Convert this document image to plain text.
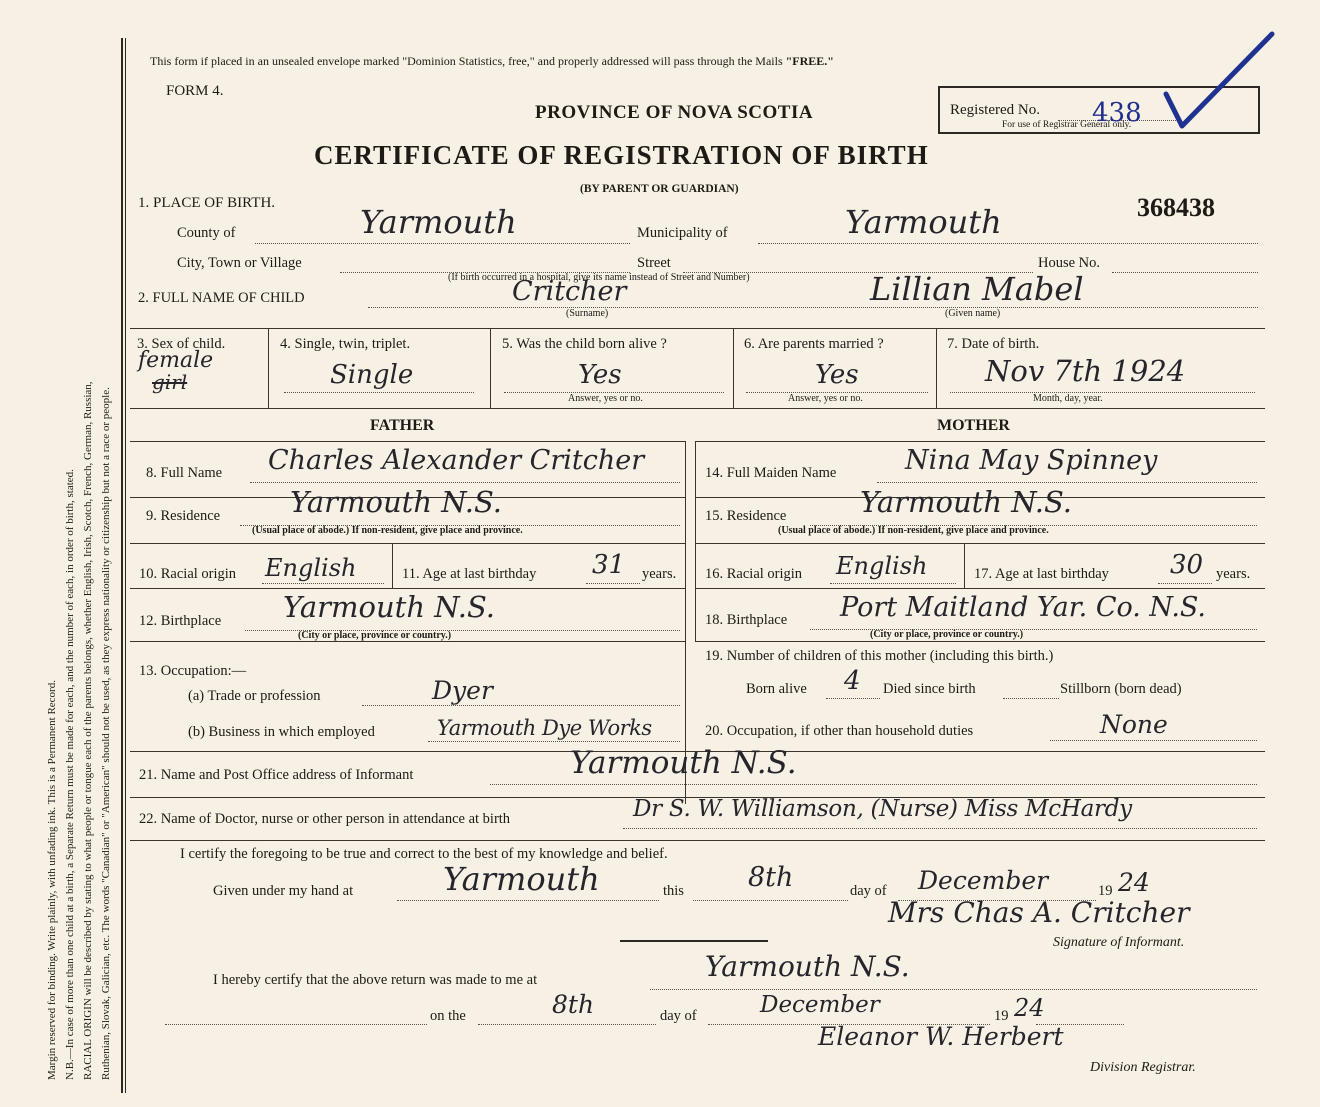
Margin reserved for binding. Write plainly, with unfading ink. This is a Permanent Record. N.B.—In case of more than one child at a birth, a Separate Return must be made for each, and the number of each, in order of birth, stated. RACIAL ORIGIN will be described by stating to what people or tongue each of the parents belongs, whether English, Irish, Scotch, French, German, Russian, Ruthenian, Slovak, Galician, etc. The words "Canadian" or "American" should not be used, as they express nationality or citizenship but not a race or people.
This form if placed in an unsealed envelope marked "Dominion Statistics, free," and properly addressed will pass through the Mails "FREE."
FORM 4.
PROVINCE OF NOVA SCOTIA
CERTIFICATE OF REGISTRATION OF BIRTH
(BY PARENT OR GUARDIAN)
368438
Registered No. 438
For use of Registrar General only.
1. PLACE OF BIRTH.
County of	Yarmouth	Municipality of	Yarmouth
City, Town or Village	Street	House No.
(If birth occurred in a hospital, give its name instead of Street and Number)
2. FULL NAME OF CHILD	Critcher
(Surname)
Lillian Mabel
(Given name)
3. Sex of child.
female
girl
4. Single, twin, triplet.
Single
5. Was the child born alive ?
Yes
Answer, yes or no.
6. Are parents married ?
Yes
Answer, yes or no.
7. Date of birth.
Nov 7th 1924
Month, day, year.
FATHER	MOTHER
8. Full Name Charles Alexander Critcher	14. Full Maiden Name	Nina May Spinney
9. Residence Yarmouth N.S.
(Usual place of abode.) If non-resident, give place and province.
15. Residence	Yarmouth N.S.
(Usual place of abode.) If non-resident, give place and province.
10. Racial origin English	11. Age at last birthday 31 years. 16. Racial origin English	17. Age at last birthday 30 years.
12. Birthplace Yarmouth N.S.
(City or place, province or country.)
18. Birthplace Port Maitland Yar. Co. N.S.
(City or place, province or country.)
13. Occupation:—
(a) Trade or profession	Dyer
(b) Business in which employed	Yarmouth Dye Works
19. Number of children of this mother (including this birth.)
Born alive 4 Died since birth	Stillborn (born dead)
20. Occupation, if other than household duties	None
21. Name and Post Office address of Informant	Yarmouth N.S.
22. Name of Doctor, nurse or other person in attendance at birth	Dr S. W. Williamson, (Nurse) Miss McHardy
I certify the foregoing to be true and correct to the best of my knowledge and belief.
Given under my hand at	Yarmouth	this 8th	day of December	19 24
Mrs Chas A. Critcher
Signature of Informant.
I hereby certify that the above return was made to me at	Yarmouth N.S.
on the	8th	day of	December	19 24
Eleanor W. Herbert
Division Registrar.
